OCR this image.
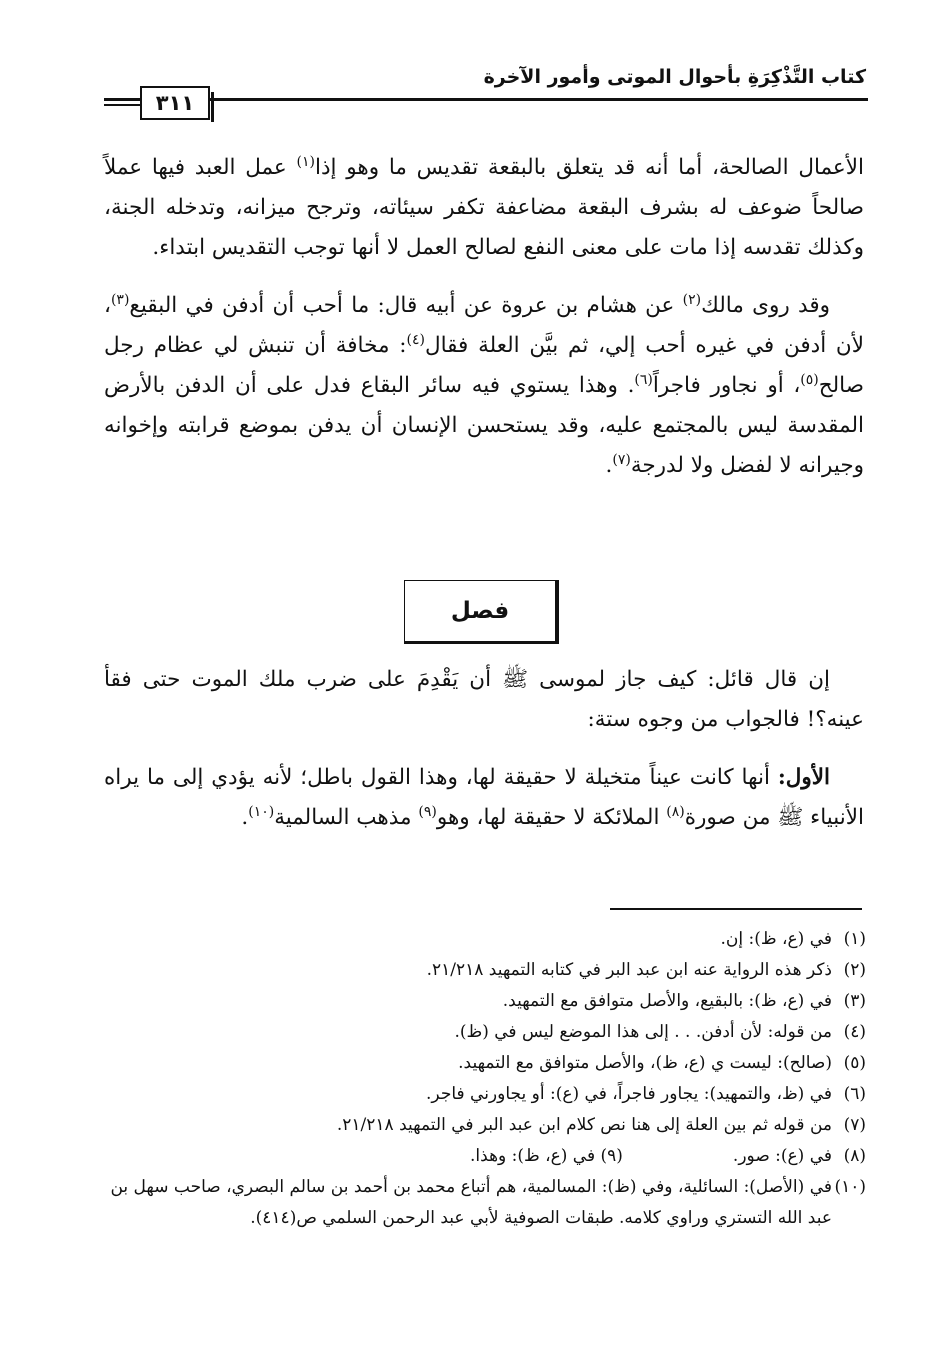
كتاب التَّذْكِرَةِ بأحوال الموتى وأمور الآخرة
٣١١

الأعمال الصالحة، أما أنه قد يتعلق بالبقعة تقديس ما وهو إذا$^{(١)}$ عمل العبد فيها عملاً صالحاً ضوعف له بشرف البقعة مضاعفة تكفر سيئاته، وترجح ميزانه، وتدخله الجنة، وكذلك تقدسه إذا مات على معنى النفع لصالح العمل لا أنها توجب التقديس ابتداء.

وقد روى مالك$^{(٢)}$ عن هشام بن عروة عن أبيه قال: ما أحب أن أدفن في البقيع$^{(٣)}$، لأن أدفن في غيره أحب إلي، ثم بيَّن العلة فقال$^{(٤)}$: مخافة أن تنبش لي عظام رجل صالح$^{(٥)}$، أو نجاور فاجراً$^{(٦)}$. وهذا يستوي فيه سائر البقاع فدل على أن الدفن بالأرض المقدسة ليس بالمجتمع عليه، وقد يستحسن الإنسان أن يدفن بموضع قرابته وإخوانه وجيرانه لا لفضل ولا لدرجة$^{(٧)}$.

فصل

إن قال قائل: كيف جاز لموسى ﷺ أن يَقْدِمَ على ضرب ملك الموت حتى فقأ عينه؟! فالجواب من وجوه ستة:

الأول: أنها كانت عيناً متخيلة لا حقيقة لها، وهذا القول باطل؛ لأنه يؤدي إلى ما يراه الأنبياء ﷺ من صورة$^{(٨)}$ الملائكة لا حقيقة لها، وهو$^{(٩)}$ مذهب السالمية$^{(١٠)}$.

(١)
في (ع، ظ): إن.
(٢)
ذكر هذه الرواية عنه ابن عبد البر في كتابه التمهيد ٢١/٢١٨.
(٣)
في (ع، ظ): بالبقيع، والأصل متوافق مع التمهيد.
(٤)
من قوله: لأن أدفن. . . إلى هذا الموضع ليس في (ظ).
(٥)
(صالح): ليست ي (ع، ظ)، والأصل متوافق مع التمهيد.
(٦)
في (ظ، والتمهيد): يجاور فاجراً، في (ع): أو يجاورني فاجر.
(٧)
من قوله ثم بين العلة إلى هنا نص كلام ابن عبد البر في التمهيد ٢١/٢١٨.
(٨)
في (ع): صور.(٩) في (ع، ظ): وهذا.
(١٠)
في (الأصل): السائلية، وفي (ظ): المسالمية، هم أتباع محمد بن أحمد بن سالم البصري، صاحب سهل بن عبد الله التستري وراوي كلامه. طبقات الصوفية لأبي عبد الرحمن السلمي ص(٤١٤).
